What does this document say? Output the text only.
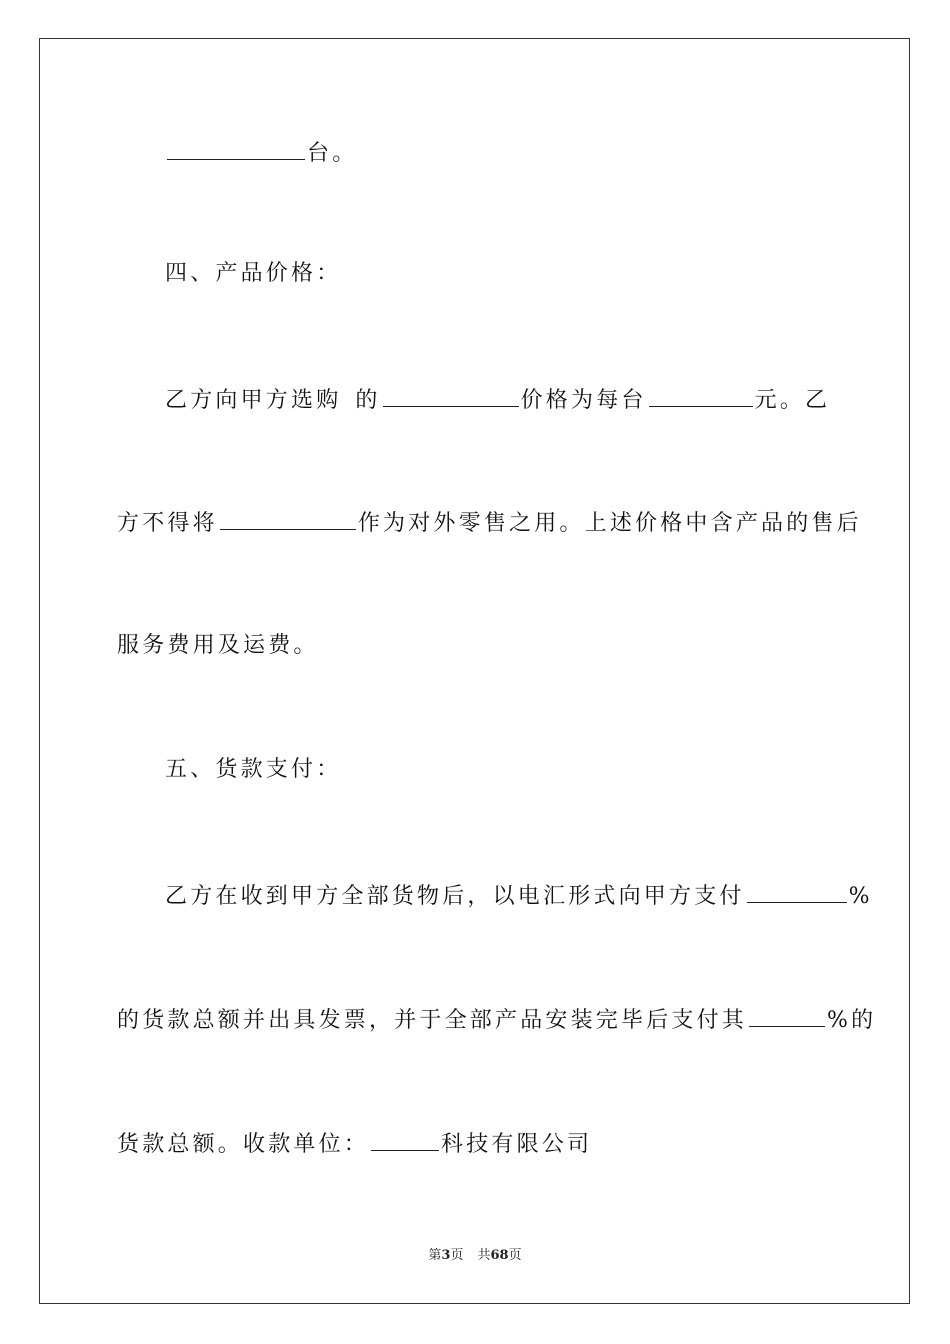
台。
四、产品价格：
乙方向甲方选购 的	价格为每台	元。乙
方不得将	作为对外零售之用。上述价格中含产品的售后
服务费用及运费。
五、货款支付：
乙方在收到甲方全部货物后，以电汇形式向甲方支付	%
的货款总额并出具发票，并于全部产品安装完毕后支付其	%的
货款总额。收款单位：	科技有限公司
第3页 共68页
